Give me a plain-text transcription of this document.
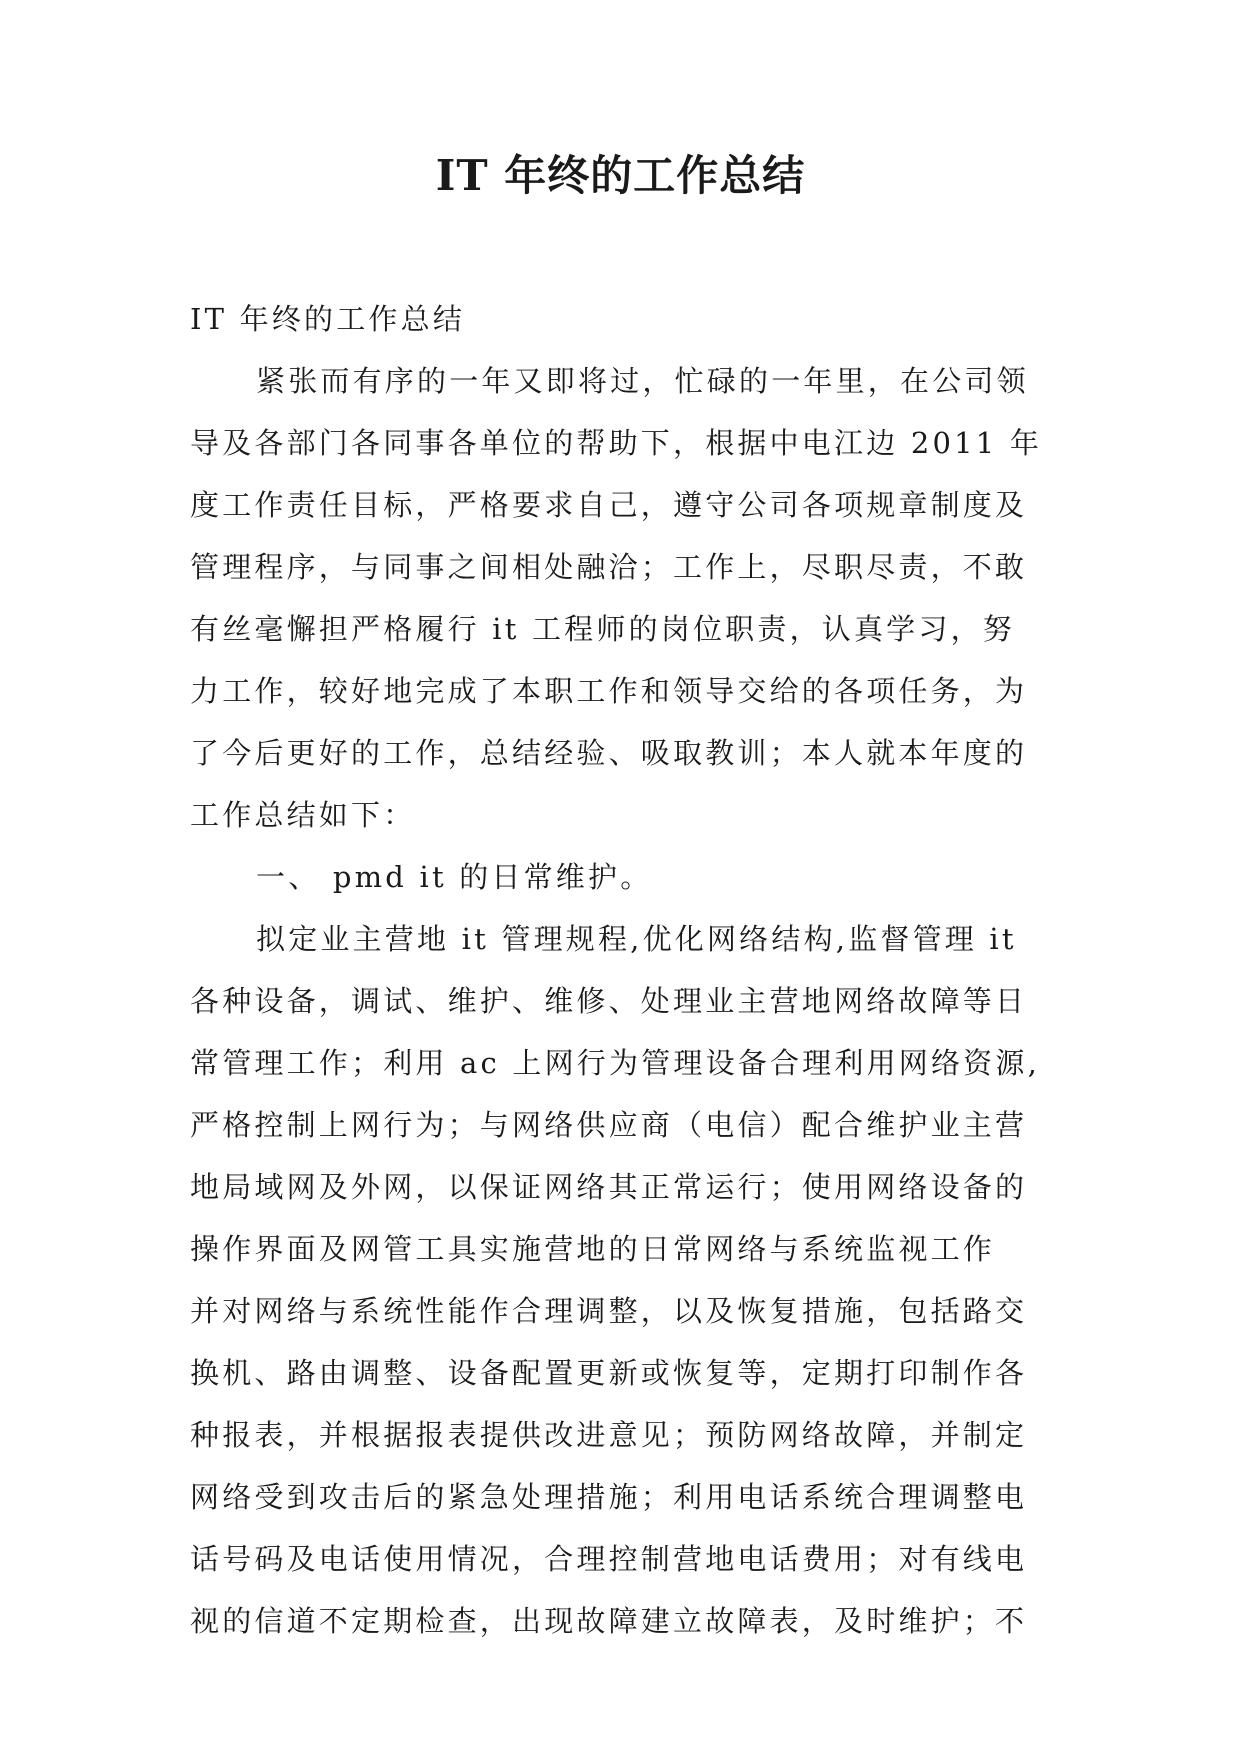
IT 年终的工作总结
IT 年终的工作总结
紧张而有序的一年又即将过，忙碌的一年里，在公司领
导及各部门各同事各单位的帮助下，根据中电江边 2011 年
度工作责任目标，严格要求自己，遵守公司各项规章制度及
管理程序，与同事之间相处融洽；工作上，尽职尽责，不敢
有丝毫懈担严格履行 it 工程师的岗位职责，认真学习，努
力工作，较好地完成了本职工作和领导交给的各项任务，为
了今后更好的工作，总结经验、吸取教训；本人就本年度的
工作总结如下：
一、 pmd it 的日常维护。
拟定业主营地 it 管理规程,优化网络结构,监督管理 it
各种设备，调试、维护、维修、处理业主营地网络故障等日
常管理工作；利用 ac 上网行为管理设备合理利用网络资源,
严格控制上网行为；与网络供应商（电信）配合维护业主营
地局域网及外网，以保证网络其正常运行；使用网络设备的
操作界面及网管工具实施营地的日常网络与系统监视工作
并对网络与系统性能作合理调整，以及恢复措施，包括路交
换机、路由调整、设备配置更新或恢复等，定期打印制作各
种报表，并根据报表提供改进意见；预防网络故障，并制定
网络受到攻击后的紧急处理措施；利用电话系统合理调整电
话号码及电话使用情况，合理控制营地电话费用；对有线电
视的信道不定期检查，出现故障建立故障表，及时维护；不
